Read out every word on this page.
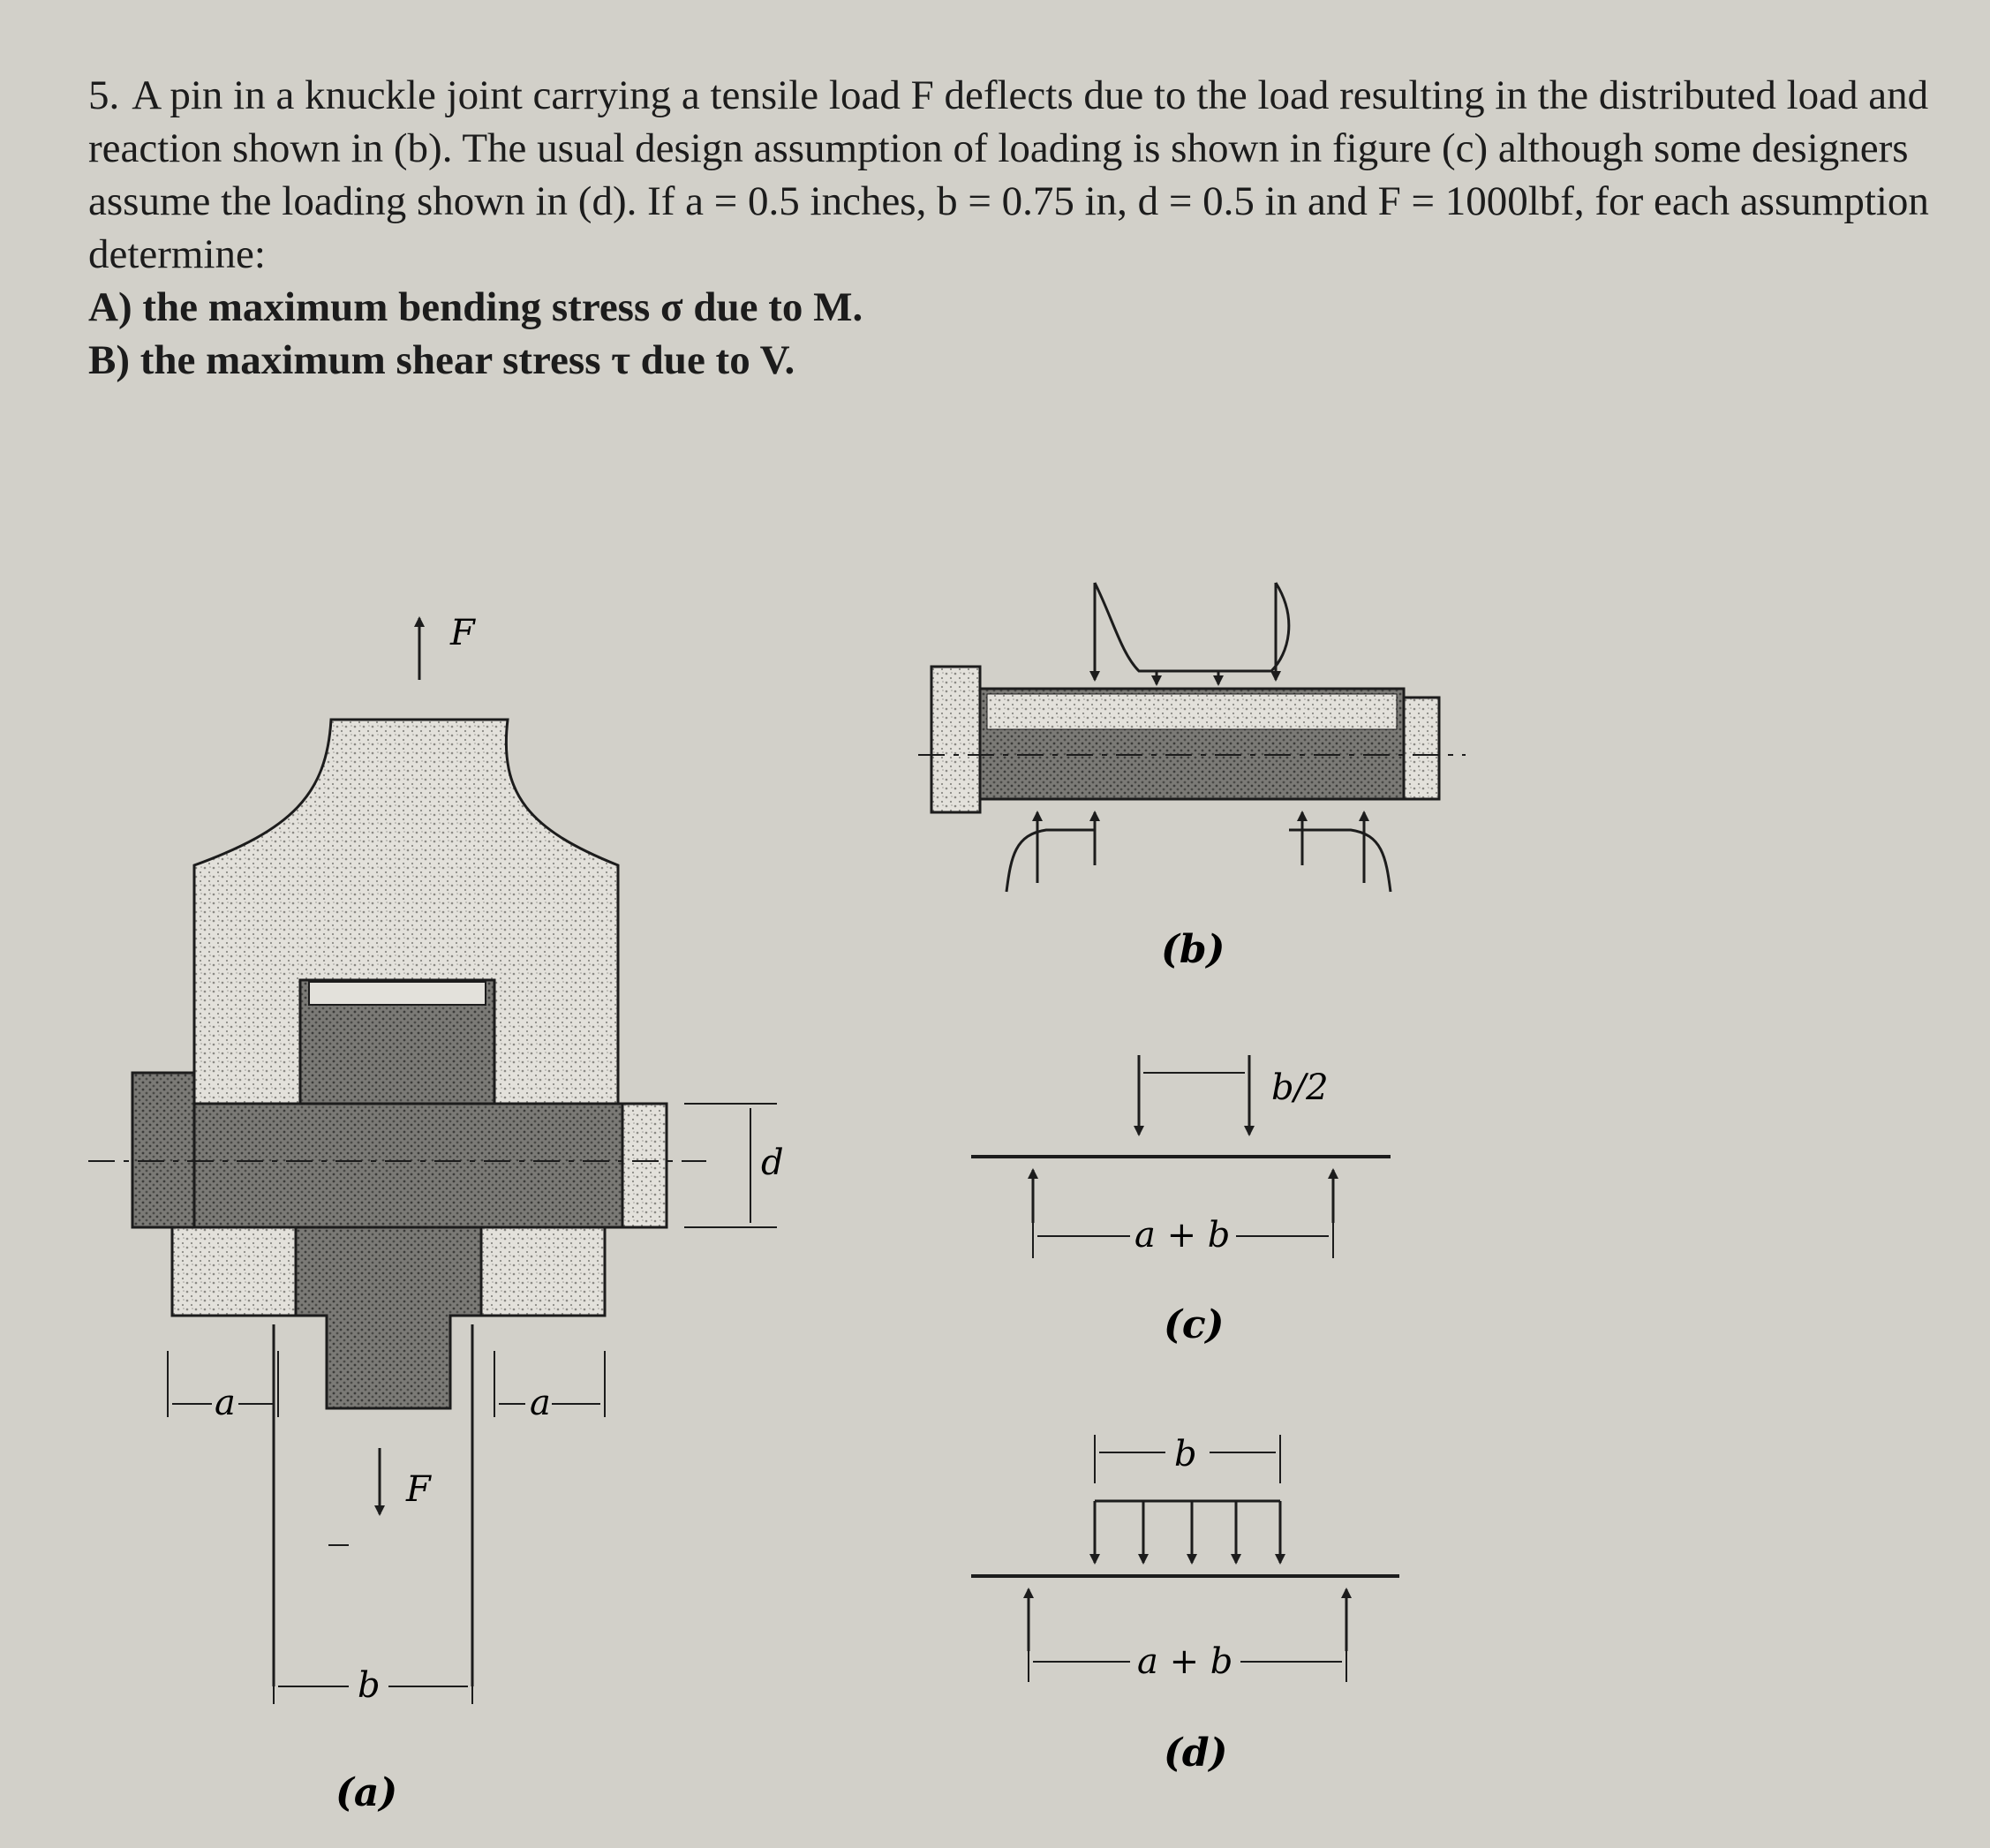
5. A pin in a knuckle joint carrying a tensile load F deflects due to the load resulting in the distributed load and reaction shown in (b). The usual design assumption of loading is shown in figure (c) although some designers assume the loading shown in (d). If a = 0.5 inches, b = 0.75 in, d = 0.5 in and F = 1000lbf, for each assumption determine:

A) the maximum bending stress σ due to M.

B) the maximum shear stress τ due to V.

F
F
a	a
b
d
(a)
(b)
b/2
a + b
(c)
b
a + b
(d)
